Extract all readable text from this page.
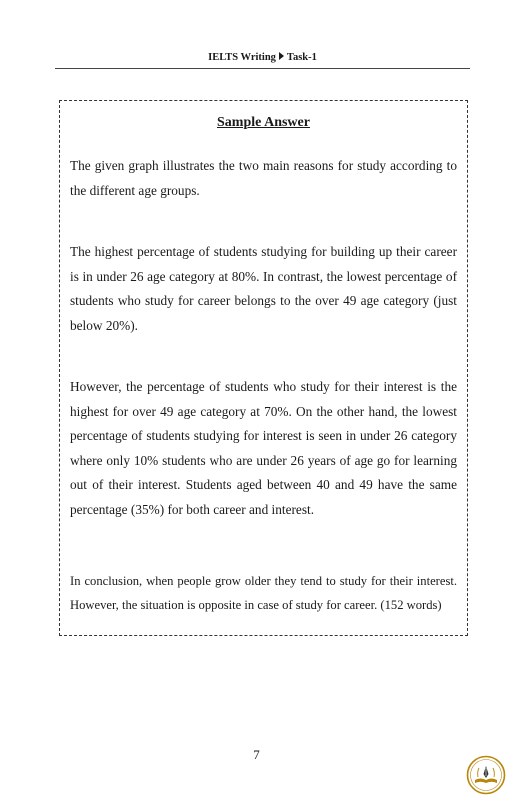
IELTS Writing Task-1
Sample Answer

The given graph illustrates the two main reasons for study according to the different age groups.

The highest percentage of students studying for building up their career is in under 26 age category at 80%. In contrast, the lowest percentage of students who study for career belongs to the over 49 age category (just below 20%).

However, the percentage of students who study for their interest is the highest for over 49 age category at 70%. On the other hand, the lowest percentage of students studying for interest is seen in under 26 category where only 10% students who are under 26 years of age go for learning out of their interest. Students aged between 40 and 49 have the same percentage (35%) for both career and interest.

In conclusion, when people grow older they tend to study for their interest. However, the situation is opposite in case of study for career. (152 words)

7
